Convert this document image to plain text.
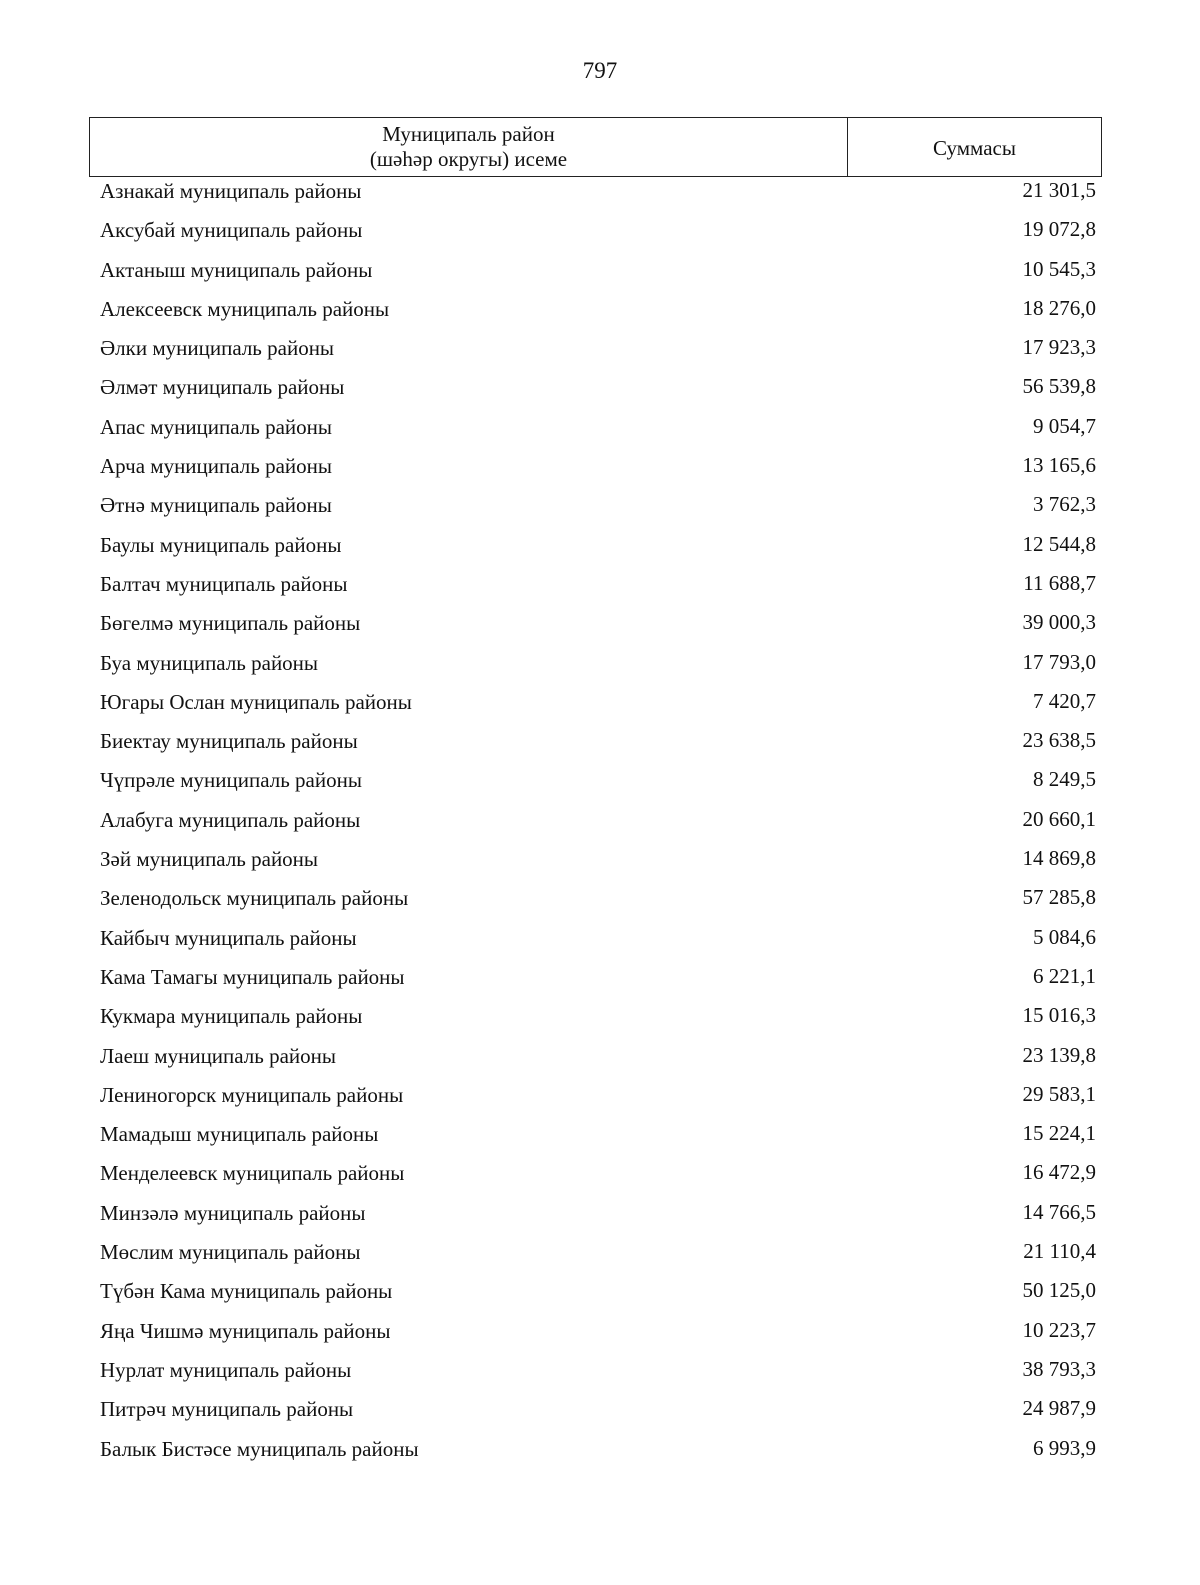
797
Муниципаль район
(шәһәр округы) исеме	Суммасы
Азнакай муниципаль районы	21 301,5
Аксубай муниципаль районы	19 072,8
Актаныш муниципаль районы	10 545,3
Алексеевск муниципаль районы	18 276,0
Әлки муниципаль районы	17 923,3
Әлмәт муниципаль районы	56 539,8
Апас муниципаль районы	9 054,7
Арча муниципаль районы	13 165,6
Әтнә муниципаль районы	3 762,3
Баулы муниципаль районы	12 544,8
Балтач муниципаль районы	11 688,7
Бөгелмә муниципаль районы	39 000,3
Буа муниципаль районы	17 793,0
Югары Ослан муниципаль районы	7 420,7
Биектау муниципаль районы	23 638,5
Чүпрәле муниципаль районы	8 249,5
Алабуга муниципаль районы	20 660,1
Зәй муниципаль районы	14 869,8
Зеленодольск муниципаль районы	57 285,8
Кайбыч муниципаль районы	5 084,6
Кама Тамагы муниципаль районы	6 221,1
Кукмара муниципаль районы	15 016,3
Лаеш муниципаль районы	23 139,8
Лениногорск муниципаль районы	29 583,1
Мамадыш муниципаль районы	15 224,1
Менделеевск муниципаль районы	16 472,9
Минзәлә муниципаль районы	14 766,5
Мөслим муниципаль районы	21 110,4
Түбән Кама муниципаль районы	50 125,0
Яңа Чишмә муниципаль районы	10 223,7
Нурлат муниципаль районы	38 793,3
Питрәч муниципаль районы	24 987,9
Балык Бистәсе муниципаль районы	6 993,9
